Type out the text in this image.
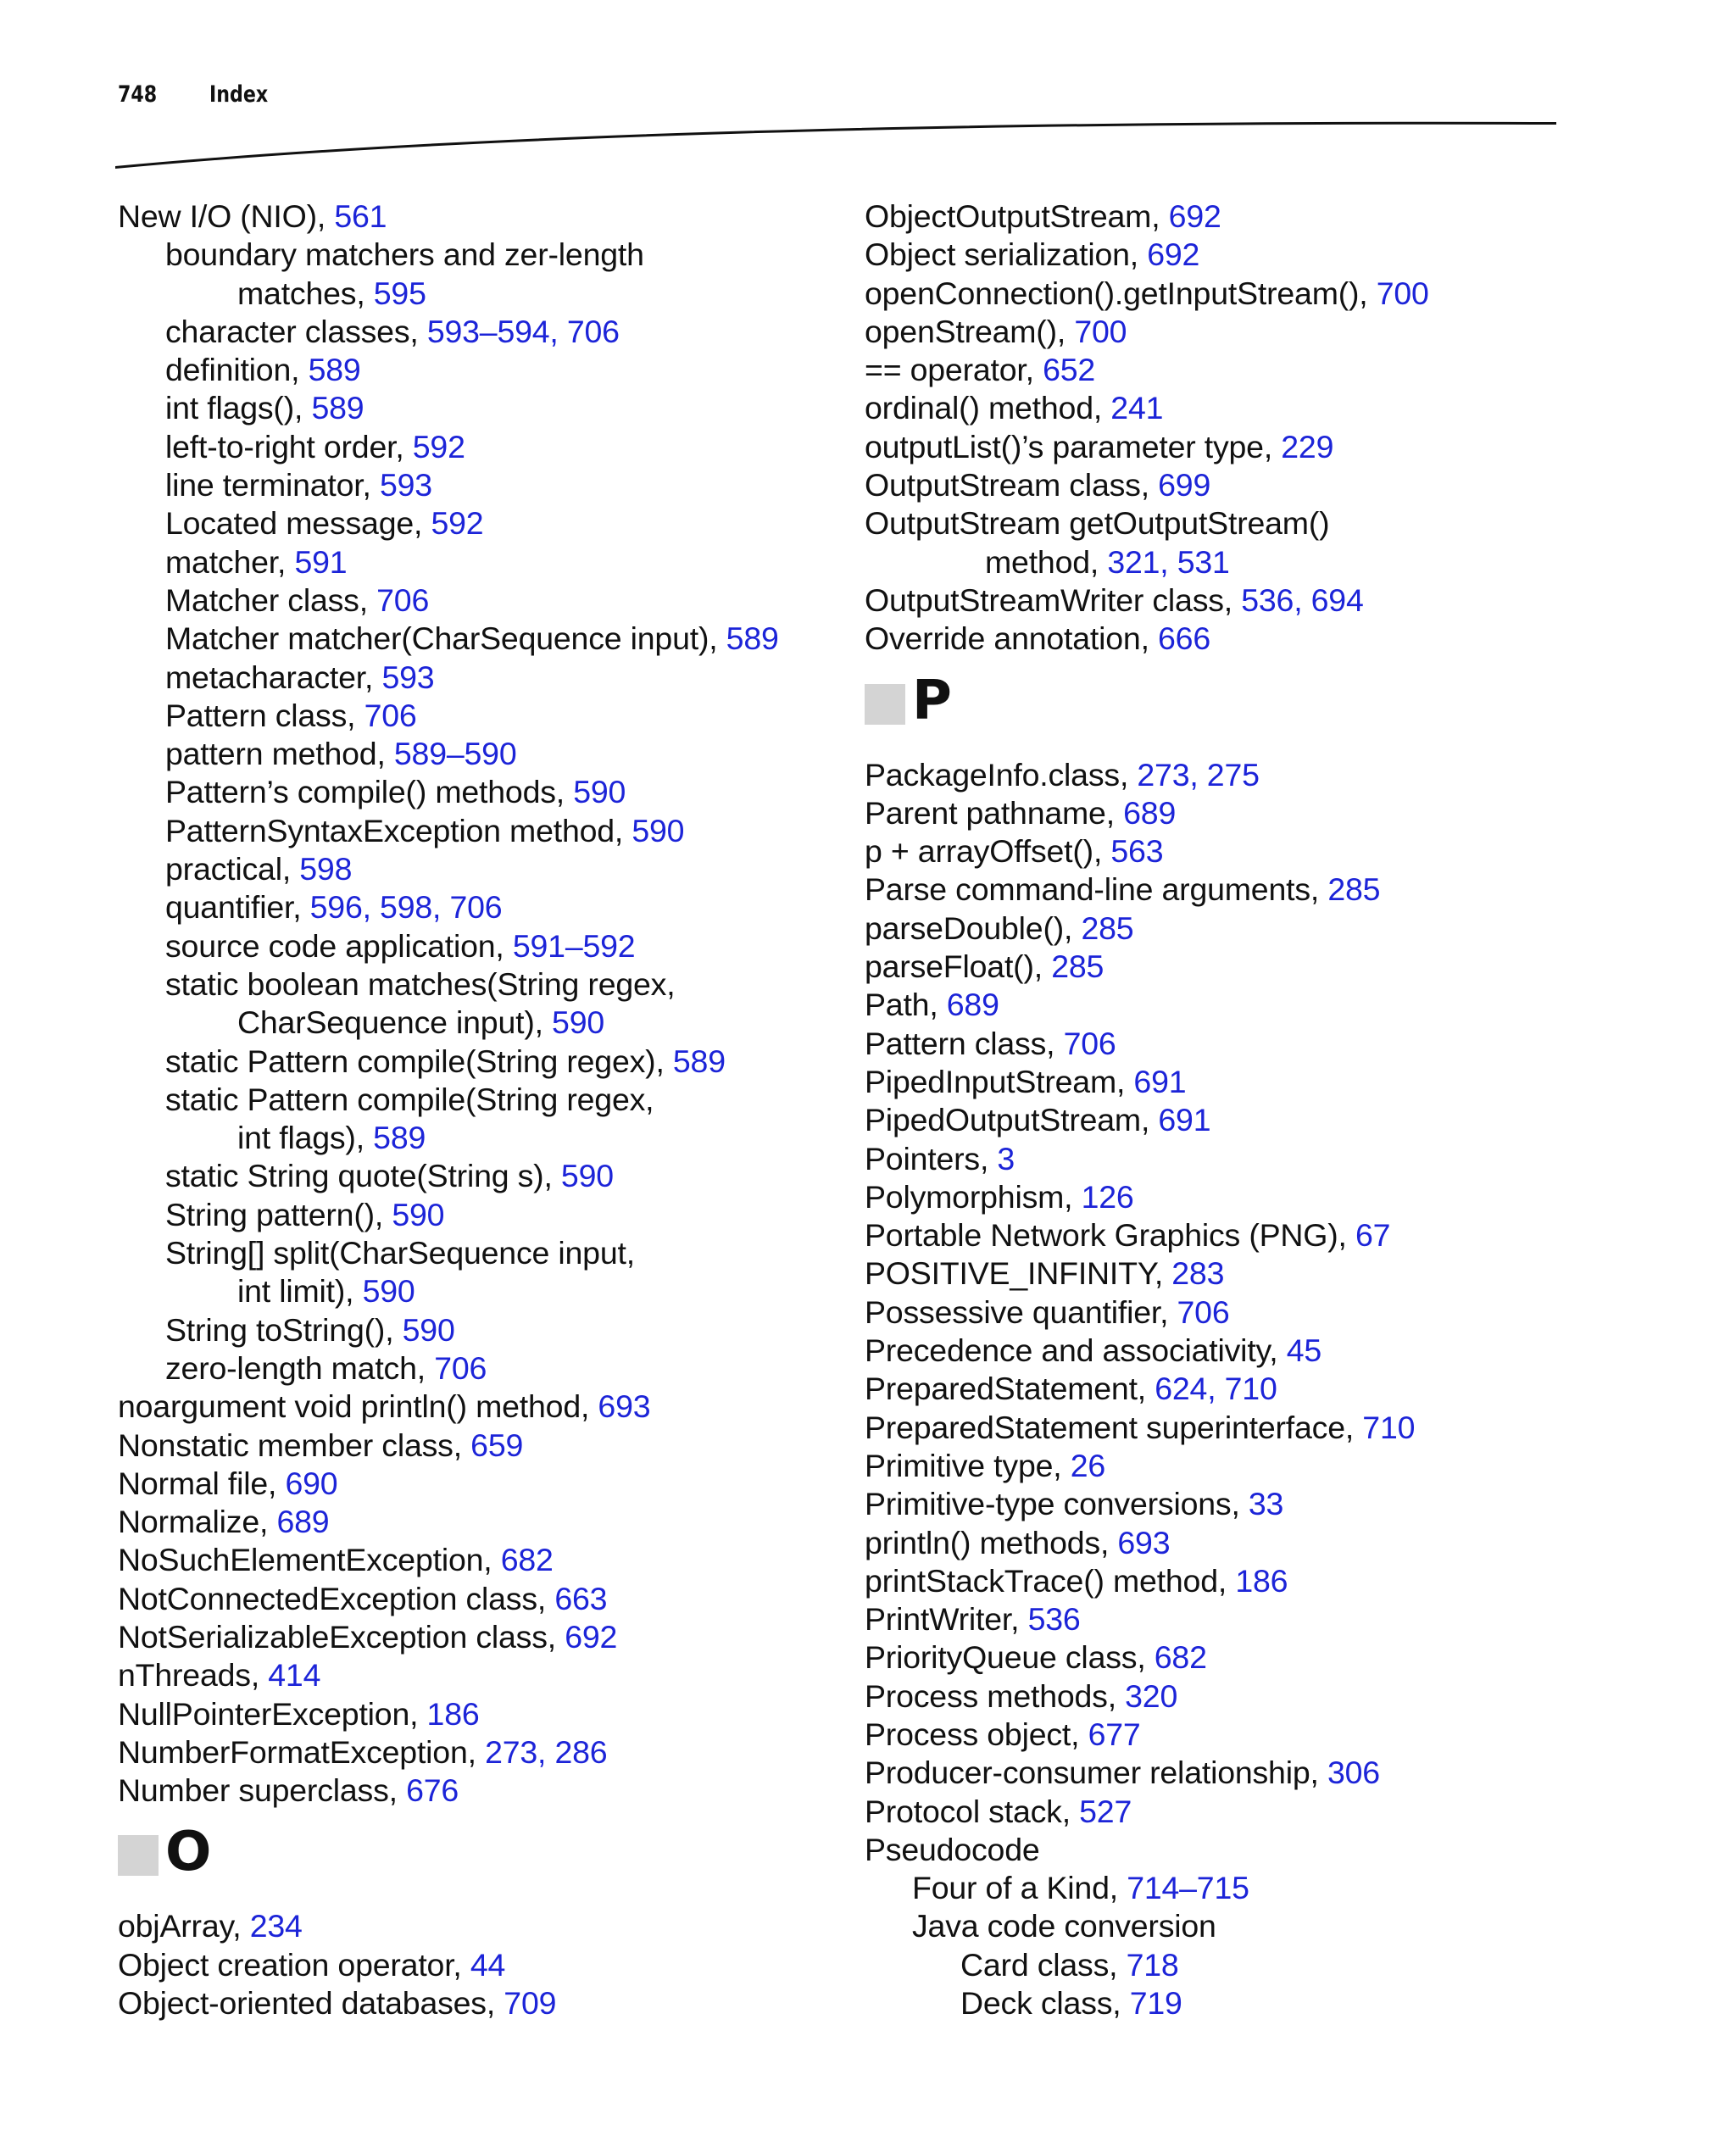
748 Index
New I/O (NIO), 561
boundary matchers and zer-length
matches, 595
character classes, 593–594, 706
definition, 589
int flags(), 589
left-to-right order, 592
line terminator, 593
Located message, 592
matcher, 591
Matcher class, 706
Matcher matcher(CharSequence input), 589
metacharacter, 593
Pattern class, 706
pattern method, 589–590
Pattern’s compile() methods, 590
PatternSyntaxException method, 590
practical, 598
quantifier, 596, 598, 706
source code application, 591–592
static boolean matches(String regex,
CharSequence input), 590
static Pattern compile(String regex), 589
static Pattern compile(String regex,
int flags), 589
static String quote(String s), 590
String pattern(), 590
String[] split(CharSequence input,
int limit), 590
String toString(), 590
zero-length match, 706
noargument void println() method, 693
Nonstatic member class, 659
Normal file, 690
Normalize, 689
NoSuchElementException, 682
NotConnectedException class, 663
NotSerializableException class, 692
nThreads, 414
NullPointerException, 186
NumberFormatException, 273, 286
Number superclass, 676
O
objArray, 234
Object creation operator, 44
Object-oriented databases, 709
ObjectOutputStream, 692
Object serialization, 692
openConnection().getInputStream(), 700
openStream(), 700
== operator, 652
ordinal() method, 241
outputList()’s parameter type, 229
OutputStream class, 699
OutputStream getOutputStream()
method, 321, 531
OutputStreamWriter class, 536, 694
Override annotation, 666
P
PackageInfo.class, 273, 275
Parent pathname, 689
p + arrayOffset(), 563
Parse command-line arguments, 285
parseDouble(), 285
parseFloat(), 285
Path, 689
Pattern class, 706
PipedInputStream, 691
PipedOutputStream, 691
Pointers, 3
Polymorphism, 126
Portable Network Graphics (PNG), 67
POSITIVE_INFINITY, 283
Possessive quantifier, 706
Precedence and associativity, 45
PreparedStatement, 624, 710
PreparedStatement superinterface, 710
Primitive type, 26
Primitive-type conversions, 33
println() methods, 693
printStackTrace() method, 186
PrintWriter, 536
PriorityQueue class, 682
Process methods, 320
Process object, 677
Producer-consumer relationship, 306
Protocol stack, 527
Pseudocode
Four of a Kind, 714–715
Java code conversion
Card class, 718
Deck class, 719
